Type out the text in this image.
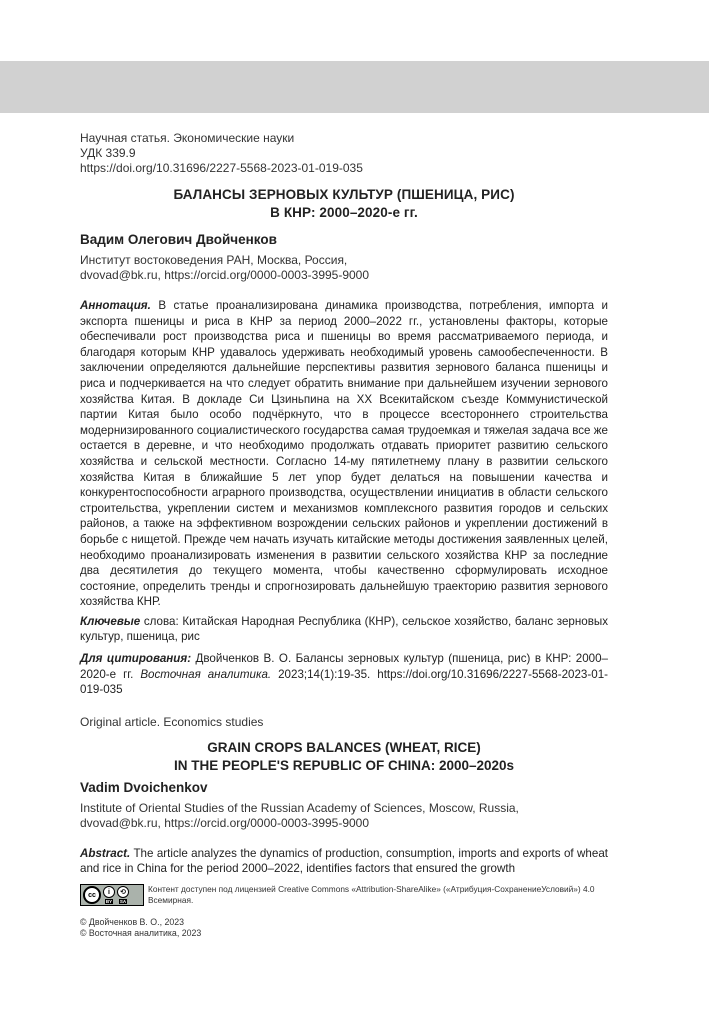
Научная статья. Экономические науки
УДК 339.9
https://doi.org/10.31696/2227-5568-2023-01-019-035
БАЛАНСЫ ЗЕРНОВЫХ КУЛЬТУР (ПШЕНИЦА, РИС)
В КНР: 2000–2020-е гг.
Вадим Олегович Двойченков
Институт востоковедения РАН, Москва, Россия,
dvovad@bk.ru, https://orcid.org/0000-0003-3995-9000
Аннотация. В статье проанализирована динамика производства, потребления, импорта и экспорта пшеницы и риса в КНР за период 2000–2022 гг., установлены факторы, которые обеспечивали рост производства риса и пшеницы во время рассматриваемого периода, и благодаря которым КНР удавалось удерживать необходимый уровень самообеспеченности. В заключении определяются дальнейшие перспективы развития зернового баланса пшеницы и риса и подчеркивается на что следует обратить внимание при дальнейшем изучении зернового хозяйства Китая. В докладе Си Цзиньпина на XX Всекитайском съезде Коммунистической партии Китая было особо подчёркнуто, что в процессе всестороннего строительства модернизированного социалистического государства самая трудоемкая и тяжелая задача все же остается в деревне, и что необходимо продолжать отдавать приоритет развитию сельского хозяйства и сельской местности. Согласно 14-му пятилетнему плану в развитии сельского хозяйства Китая в ближайшие 5 лет упор будет делаться на повышении качества и конкурентоспособности аграрного производства, осуществлении инициатив в области сельского строительства, укреплении систем и механизмов комплексного развития городов и сельских районов, а также на эффективном возрождении сельских районов и укреплении достижений в борьбе с нищетой. Прежде чем начать изучать китайские методы достижения заявленных целей, необходимо проанализировать изменения в развитии сельского хозяйства КНР за последние два десятилетия до текущего момента, чтобы качественно сформулировать исходное состояние, определить тренды и спрогнозировать дальнейшую траекторию развития зернового хозяйства КНР.
Ключевые слова: Китайская Народная Республика (КНР), сельское хозяйство, баланс зерновых культур, пшеница, рис
Для цитирования: Двойченков В. О. Балансы зерновых культур (пшеница, рис) в КНР: 2000–2020-е гг. Восточная аналитика. 2023;14(1):19-35. https://doi.org/10.31696/2227-5568-2023-01-019-035
Original article. Economics studies
GRAIN CROPS BALANCES (WHEAT, RICE)
IN THE PEOPLE'S REPUBLIC OF CHINA: 2000–2020s
Vadim Dvoichenkov
Institute of Oriental Studies of the Russian Academy of Sciences, Moscow, Russia,
dvovad@bk.ru, https://orcid.org/0000-0003-3995-9000
Abstract. The article analyzes the dynamics of production, consumption, imports and exports of wheat and rice in China for the period 2000–2022, identifies factors that ensured the growth
cc	i
BY
⟲
SA
Контент доступен под лицензией Creative Commons «Attribution-ShareAlike» («Атрибуция-СохранениеУсловий») 4.0 Всемирная.
© Двойченков В. О., 2023
© Восточная аналитика, 2023
